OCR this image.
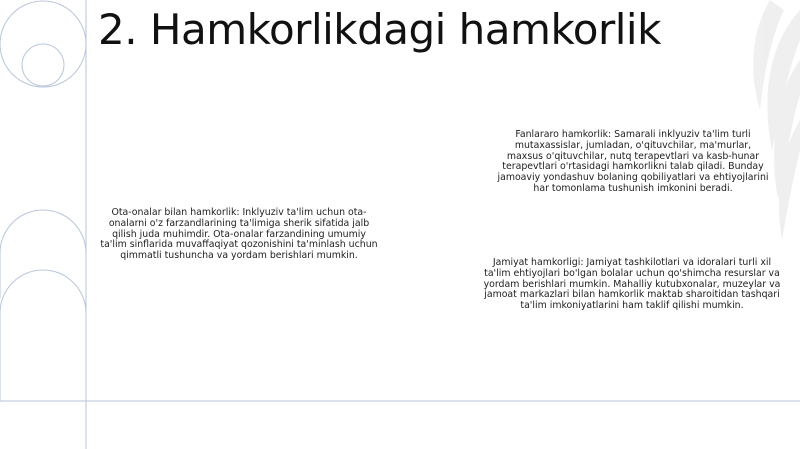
2. Hamkorlikdagi hamkorlik

Fanlararo hamkorlik: Samarali inklyuziv ta'lim turli mutaxassislar, jumladan, o'qituvchilar, ma'murlar, maxsus o'qituvchilar, nutq terapevtlari va kasb-hunar terapevtlari o'rtasidagi hamkorlikni talab qiladi. Bunday jamoaviy yondashuv bolaning qobiliyatlari va ehtiyojlarini har tomonlama tushunish imkonini beradi.

Ota-onalar bilan hamkorlik: Inklyuziv ta'lim uchun ota-onalarni o'z farzandlarining ta'limiga sherik sifatida jalb qilish juda muhimdir. Ota-onalar farzandining umumiy ta'lim sinflarida muvaffaqiyat qozonishini ta'minlash uchun qimmatli tushuncha va yordam berishlari mumkin.

Jamiyat hamkorligi: Jamiyat tashkilotlari va idoralari turli xil ta'lim ehtiyojlari bo'lgan bolalar uchun qo'shimcha resurslar va yordam berishlari mumkin. Mahalliy kutubxonalar, muzeylar va jamoat markazlari bilan hamkorlik maktab sharoitidan tashqari ta'lim imkoniyatlarini ham taklif qilishi mumkin.
